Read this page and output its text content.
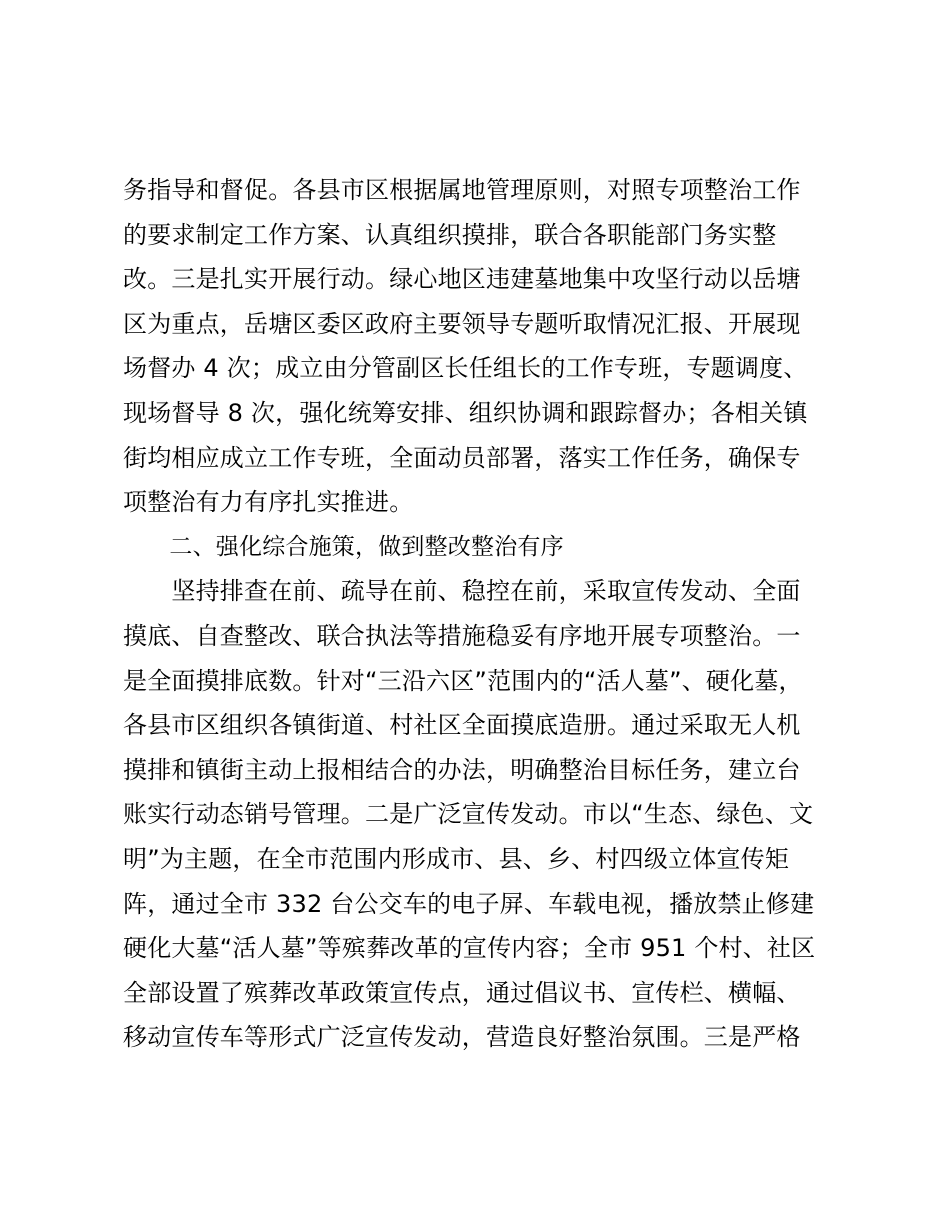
务指导和督促。各县市区根据属地管理原则，对照专项整治工作
的要求制定工作方案、认真组织摸排，联合各职能部门务实整
改。三是扎实开展行动。绿心地区违建墓地集中攻坚行动以岳塘
区为重点，岳塘区委区政府主要领导专题听取情况汇报、开展现
场督办 4 次；成立由分管副区长任组长的工作专班，专题调度、
现场督导 8 次，强化统筹安排、组织协调和跟踪督办；各相关镇
街均相应成立工作专班，全面动员部署，落实工作任务，确保专
项整治有力有序扎实推进。
　　二、强化综合施策，做到整改整治有序
　　坚持排查在前、疏导在前、稳控在前，采取宣传发动、全面
摸底、自查整改、联合执法等措施稳妥有序地开展专项整治。一
是全面摸排底数。针对“三沿六区”范围内的“活人墓”、硬化墓，
各县市区组织各镇街道、村社区全面摸底造册。通过采取无人机
摸排和镇街主动上报相结合的办法，明确整治目标任务，建立台
账实行动态销号管理。二是广泛宣传发动。市以“生态、绿色、文
明”为主题，在全市范围内形成市、县、乡、村四级立体宣传矩
阵，通过全市 332 台公交车的电子屏、车载电视，播放禁止修建
硬化大墓“活人墓”等殡葬改革的宣传内容；全市 951 个村、社区
全部设置了殡葬改革政策宣传点，通过倡议书、宣传栏、横幅、
移动宣传车等形式广泛宣传发动，营造良好整治氛围。三是严格
